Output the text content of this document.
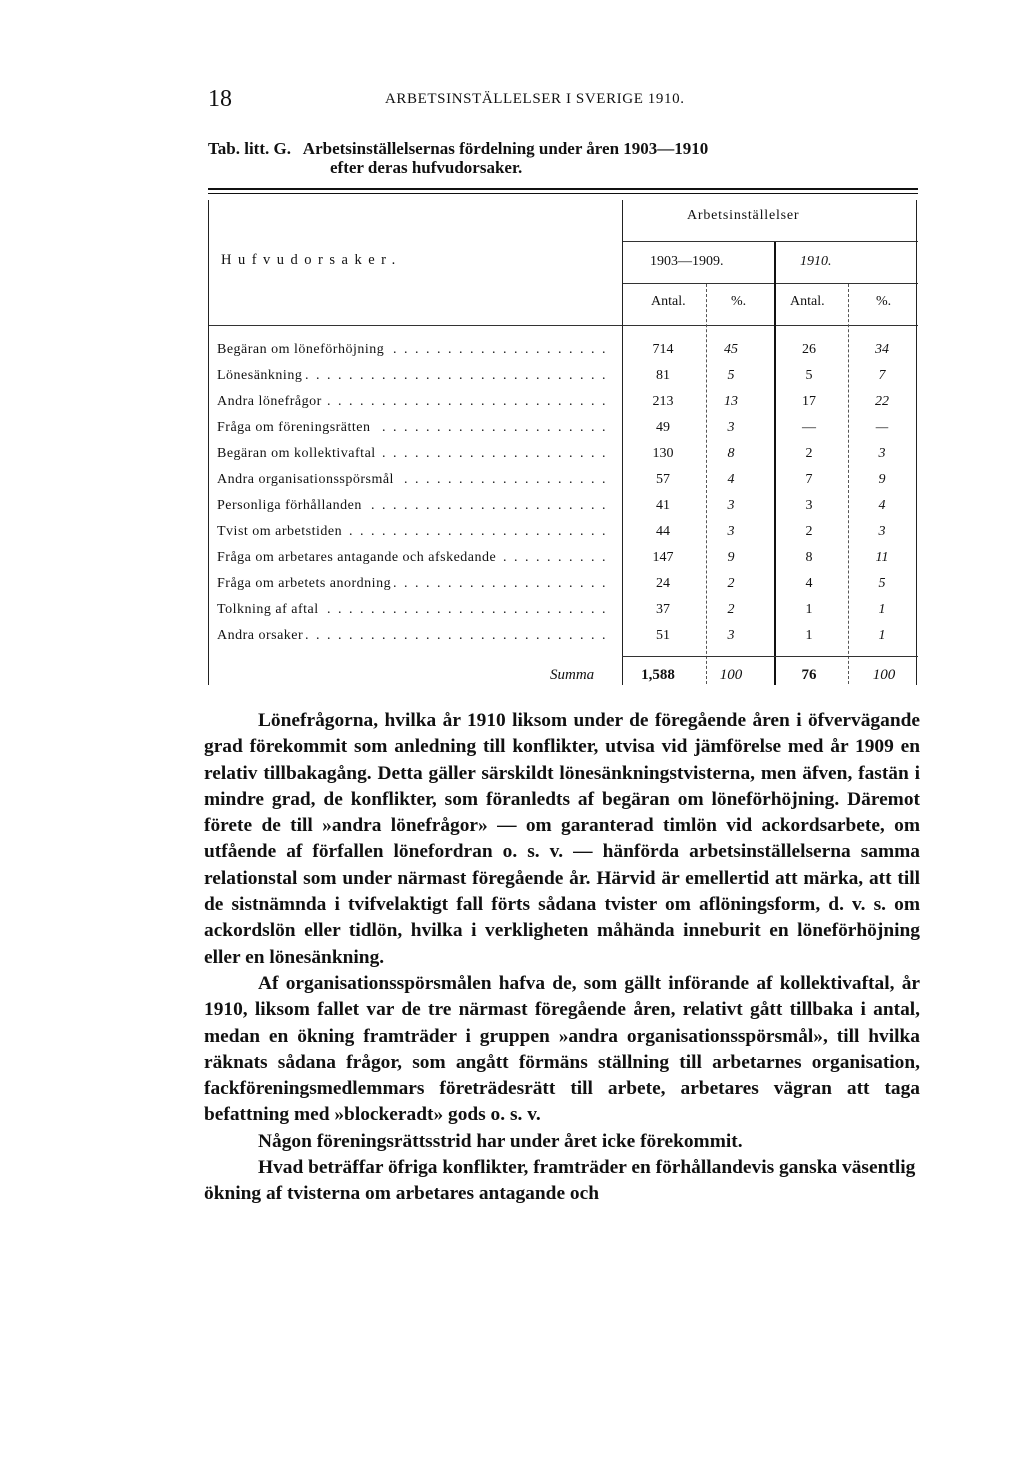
18	ARBETSINSTÄLLELSER I SVERIGE 1910.
Tab. litt. G. Arbetsinställelsernas fördelning under åren 1903—1910
efter deras hufvudorsaker.
Hufvudorsaker.
Arbetsinställelser
1903—1909.	1910.
Antal.	%.	Antal.	%.
Begäran om löneförhöjning . . .	714	45	26	34
Lönesänkning . . .	81	5	5	7
Andra lönefrågor . . .	213	13	17	22
Fråga om föreningsrätten . . .	49	3	—	—
Begäran om kollektivaftal . . .	130	8	2	3
Andra organisationsspörsmål . . .	57	4	7	9
Personliga förhållanden . . .	41	3	3	4
Tvist om arbetstiden . . .	44	3	2	3
Fråga om arbetares antagande och afskedande . . .	147	9	8	11
Fråga om arbetets anordning . . .	24	2	4	5
Tolkning af aftal . . .	37	2	1	1
Andra orsaker . . .	51	3	1	1
Summa	1,588	100	76	100

Lönefrågorna, hvilka år 1910 liksom under de föregående åren i öfvervägande grad förekommit som anledning till konflikter, utvisa vid jämförelse med år 1909 en relativ tillbakagång. Detta gäller särskildt lönesänkningstvisterna, men äfven, fastän i mindre grad, de konflikter, som föranledts af begäran om löneförhöjning. Däremot förete de till »andra lönefrågor» — om garanterad timlön vid ackordsarbete, om utfående af förfallen lönefordran o. s. v. — hänförda arbetsinställelserna samma relationstal som under närmast föregående år. Härvid är emellertid att märka, att till de sistnämnda i tvifvelaktigt fall förts sådana tvister om aflöningsform, d. v. s. om ackordslön eller tidlön, hvilka i verkligheten måhända inneburit en löneförhöjning eller en lönesänkning.

Af organisationsspörsmålen hafva de, som gällt införande af kollektivaftal, år 1910, liksom fallet var de tre närmast föregående åren, relativt gått tillbaka i antal, medan en ökning framträder i gruppen »andra organisationsspörsmål», till hvilka räknats sådana frågor, som angått förmäns ställning till arbetarnes organisation, fackföreningsmedlemmars företrädesrätt till arbete, arbetares vägran att taga befattning med »blockeradt» gods o. s. v.

Någon föreningsrättsstrid har under året icke förekommit.

Hvad beträffar öfriga konflikter, framträder en förhållandevis ganska väsentlig ökning af tvisterna om arbetares antagande och
